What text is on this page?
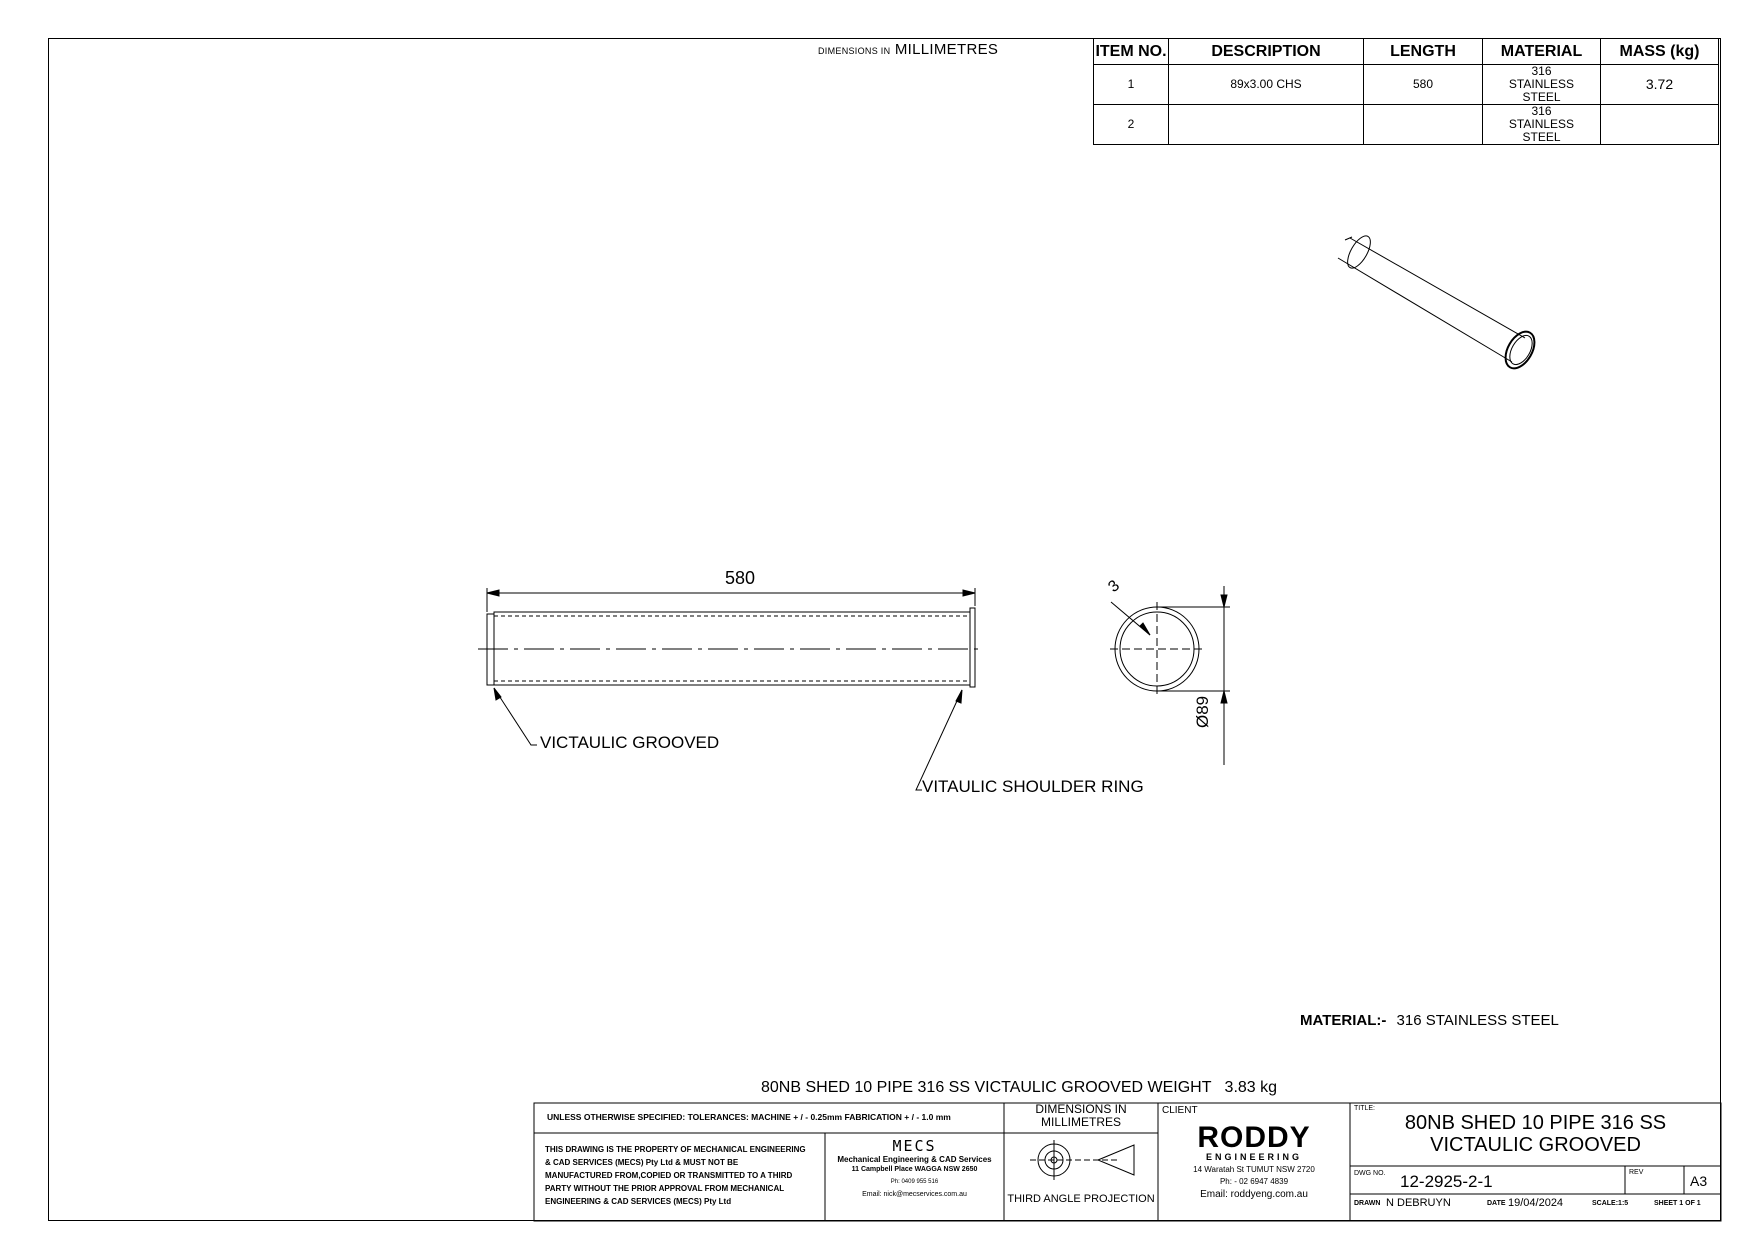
DIMENSIONS IN MILLIMETRES	ITEM NO.	DESCRIPTION	LENGTH	MATERIAL	MASS (kg)
1	89x3.00 CHS	580	316 STAINLESS STEEL	3.72
2			316 STAINLESS STEEL	
580	3
Ø89
VICTAULIC GROOVED
VITAULIC SHOULDER RING
MATERIAL:- 316 STAINLESS STEEL
80NB SHED 10 PIPE 316 SS VICTAULIC GROOVED WEIGHT   3.83 kg
UNLESS OTHERWISE SPECIFIED: TOLERANCES: MACHINE + / - 0.25mm FABRICATION + / - 1.0 mm
THIS DRAWING IS THE PROPERTY OF MECHANICAL ENGINEERING & CAD SERVICES (MECS) Pty Ltd & MUST NOT BE MANUFACTURED FROM,COPIED OR TRANSMITTED TO A THIRD PARTY WITHOUT THE PRIOR APPROVAL FROM MECHANICAL ENGINEERING & CAD SERVICES (MECS) Pty Ltd
MECS
Mechanical Engineering & CAD Services
11 Campbell Place WAGGA NSW 2650
Ph: 0409 955 516
Email: nick@mecservices.com.au
DIMENSIONS IN
MILLIMETRES
THIRD ANGLE PROJECTION
CLIENT
RODDY
ENGINEERING
14 Waratah St TUMUT NSW 2720
Ph: - 02 6947 4839
Email: roddyeng.com.au
TITLE:
80NB SHED 10 PIPE 316 SS
VICTAULIC GROOVED
DWG NO. 12-2925-2-1	REV
A3
DRAWN N DEBRUYN	DATE 19/04/2024	SCALE:1:5	SHEET 1 OF 1
